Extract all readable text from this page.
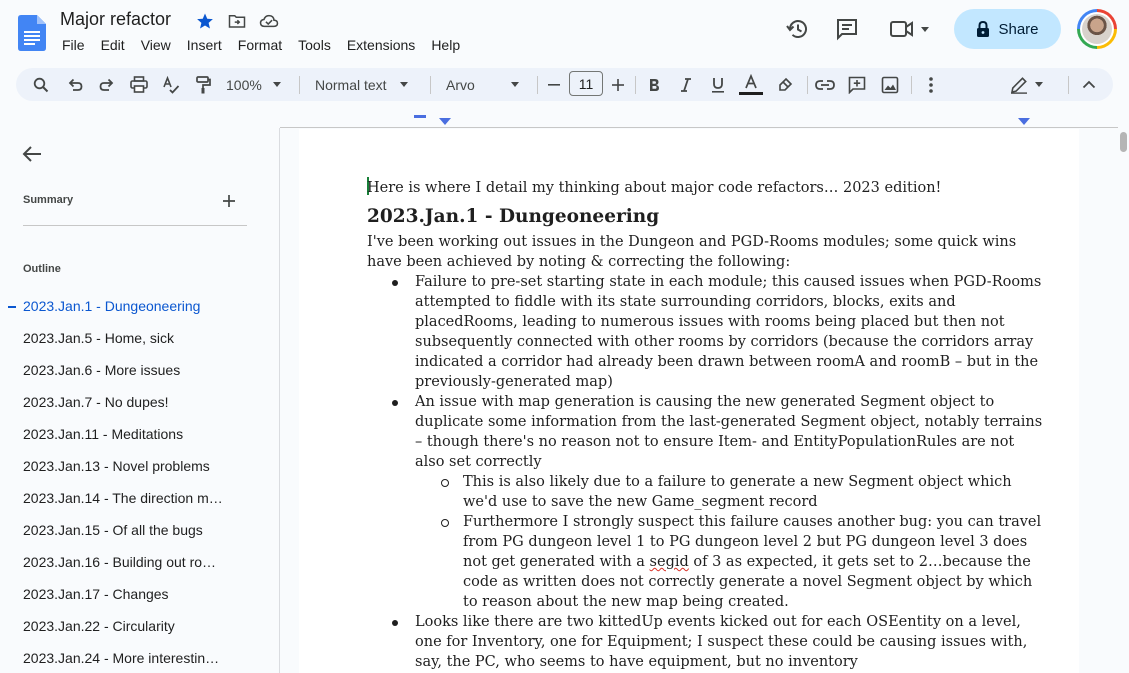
Major refactor
File	Edit	View	Insert	Format	Tools	Extensions	Help
Share
100%	Normal text	Arvo	11
Summary
Outline
2023.Jan.1 - Dungeoneering
2023.Jan.5 - Home, sick
2023.Jan.6 - More issues
2023.Jan.7 - No dupes!
2023.Jan.11 - Meditations
2023.Jan.13 - Novel problems
2023.Jan.14 - The direction m…
2023.Jan.15 - Of all the bugs
2023.Jan.16 - Building out ro…
2023.Jan.17 - Changes
2023.Jan.22 - Circularity
2023.Jan.24 - More interestin…

Here is where I detail my thinking about major code refactors… 2023 edition!

2023.Jan.1 - Dungeoneering

I've been working out issues in the Dungeon and PGD-Rooms modules; some quick wins have been achieved by noting & correcting the following:

Failure to pre-set starting state in each module; this caused issues when PGD-Rooms attempted to fiddle with its state surrounding corridors, blocks, exits and placedRooms, leading to numerous issues with rooms being placed but then not subsequently connected with other rooms by corridors (because the corridors array indicated a corridor had already been drawn between roomA and roomB – but in the previously-generated map)
An issue with map generation is causing the new generated Segment object to duplicate some information from the last-generated Segment object, notably terrains – though there's no reason not to ensure Item- and EntityPopulationRules are not also set correctly
This is also likely due to a failure to generate a new Segment object which we'd use to save the new Game_segment record
Furthermore I strongly suspect this failure causes another bug: you can travel from PG dungeon level 1 to PG dungeon level 2 but PG dungeon level 3 does not get generated with a segid of 3 as expected, it gets set to 2…because the code as written does not correctly generate a novel Segment object by which to reason about the new map being created.
Looks like there are two kittedUp events kicked out for each OSEentity on a level, one for Inventory, one for Equipment; I suspect these could be causing issues with, say, the PC, who seems to have equipment, but no inventory
